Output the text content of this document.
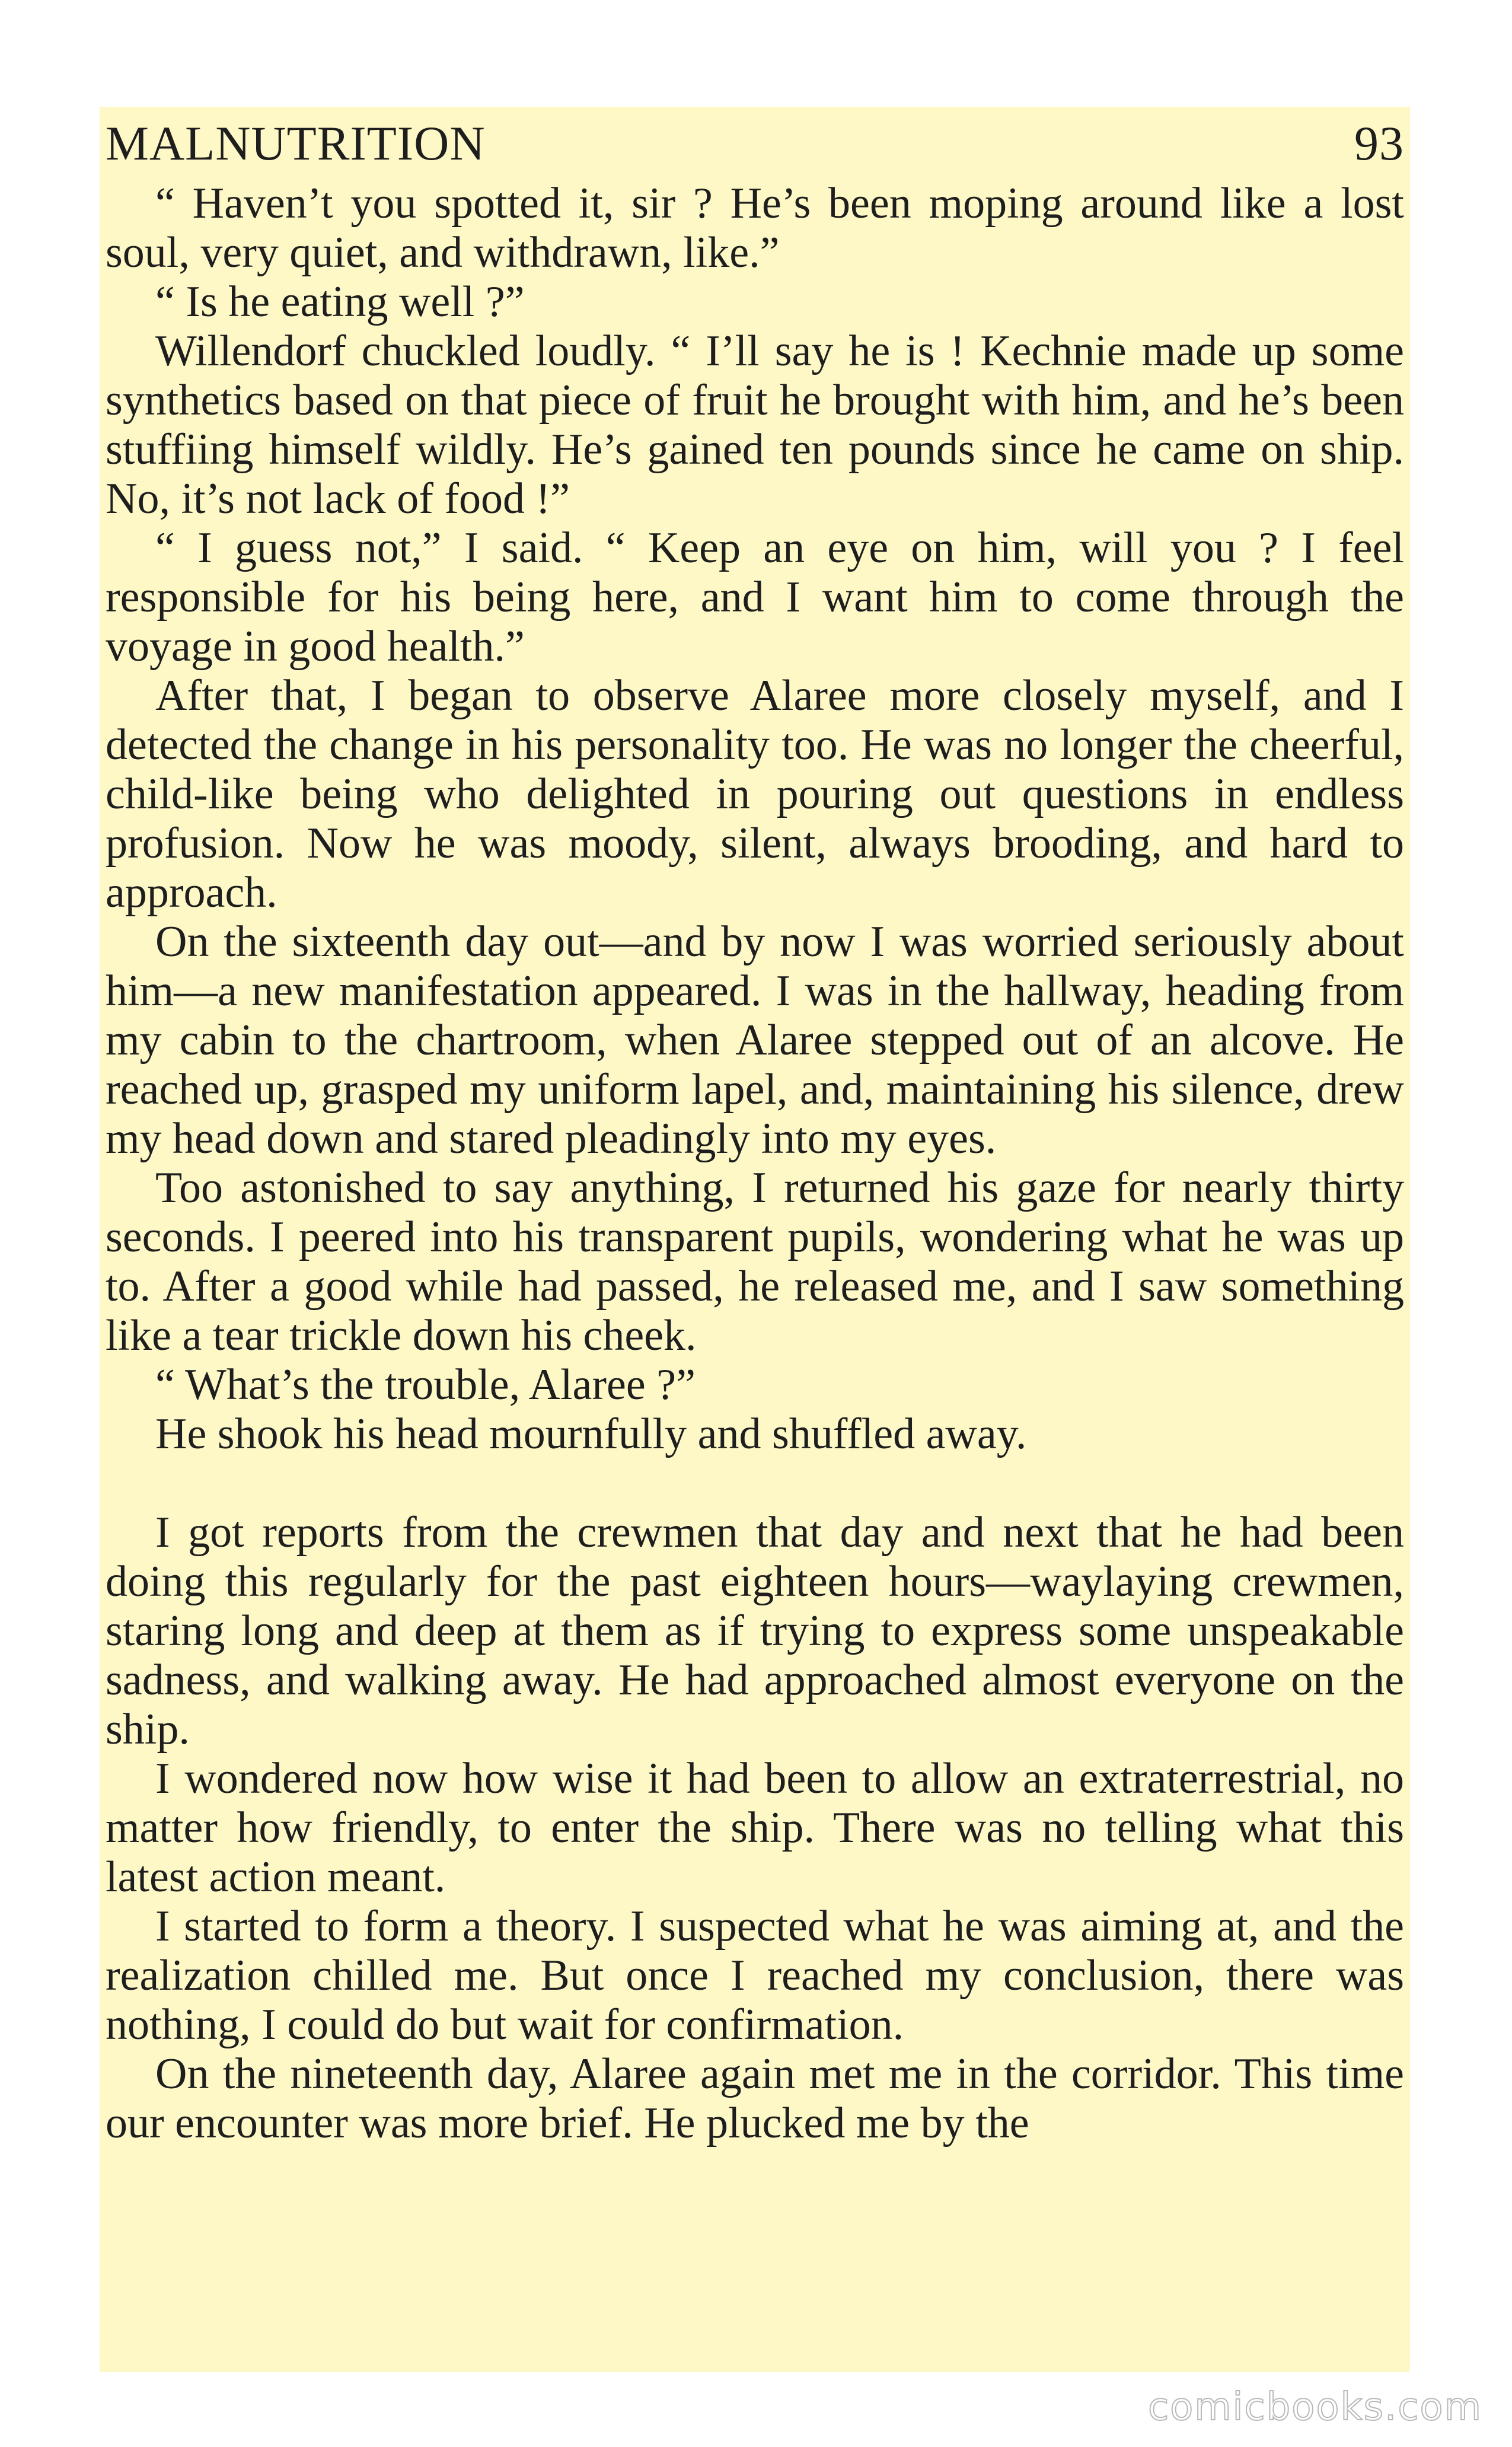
MALNUTRITION	93

“ Haven’t you spotted it, sir ? He’s been moping around like a lost soul, very quiet, and withdrawn, like.”

“ Is he eating well ?”

Willendorf chuckled loudly. “ I’ll say he is ! Kechnie made up some synthetics based on that piece of fruit he brought with him, and he’s been stuffiing himself wildly. He’s gained ten pounds since he came on ship. No, it’s not lack of food !”

“ I guess not,” I said. “ Keep an eye on him, will you ? I feel responsible for his being here, and I want him to come through the voyage in good health.”

After that, I began to observe Alaree more closely myself, and I detected the change in his personality too. He was no longer the cheerful, child-like being who delighted in pouring out questions in endless profusion. Now he was moody, silent, always brooding, and hard to approach.

On the sixteenth day out—and by now I was worried seriously about him—a new manifestation appeared. I was in the hallway, heading from my cabin to the chartroom, when Alaree stepped out of an alcove. He reached up, grasped my uniform lapel, and, maintaining his silence, drew my head down and stared pleadingly into my eyes.

Too astonished to say anything, I returned his gaze for nearly thirty seconds. I peered into his transparent pupils, wondering what he was up to. After a good while had passed, he released me, and I saw something like a tear trickle down his cheek.

“ What’s the trouble, Alaree ?”

He shook his head mournfully and shuffled away.

I got reports from the crewmen that day and next that he had been doing this regularly for the past eighteen hours—waylaying crewmen, staring long and deep at them as if trying to express some unspeakable sadness, and walking away. He had approached almost everyone on the ship.

I wondered now how wise it had been to allow an extraterrestrial, no matter how friendly, to enter the ship. There was no telling what this latest action meant.

I started to form a theory. I suspected what he was aiming at, and the realization chilled me. But once I reached my conclusion, there was nothing, I could do but wait for confirmation.

On the nineteenth day, Alaree again met me in the corridor. This time our encounter was more brief. He plucked me by the

comicbooks.com
